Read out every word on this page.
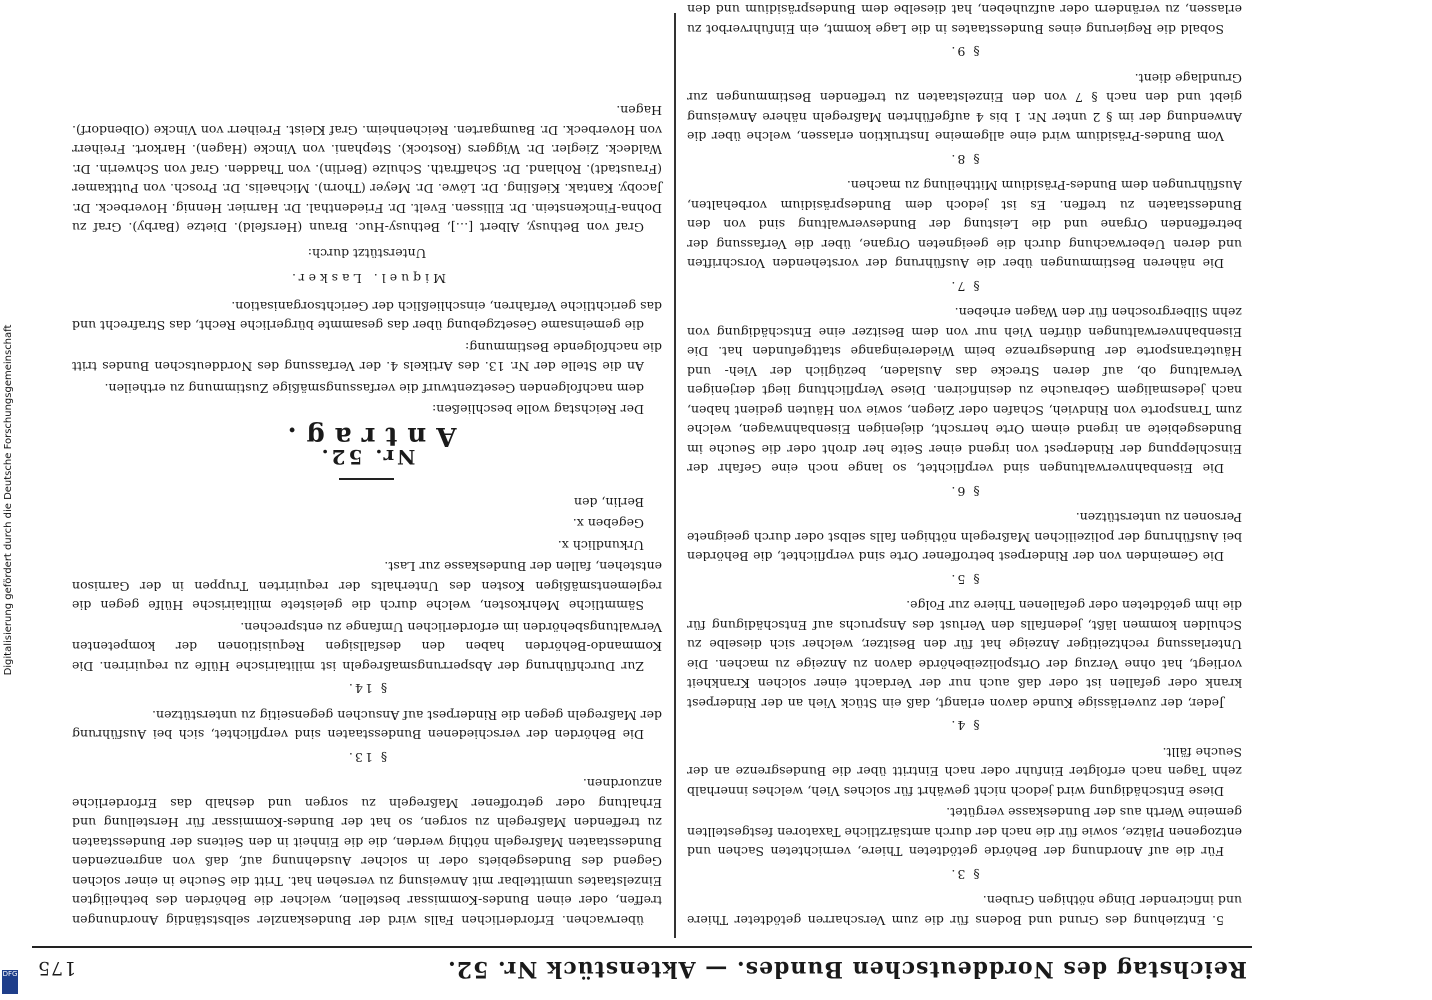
Reichstag des Norddeutschen Bundes. — Aktenstück Nr. 52.
175

5. Entziehung des Grund und Bodens für die zum Verscharren getödteter Thiere und inficirender Dinge nöthigen Gruben.

§ 3.

Für die auf Anordnung der Behörde getödteten Thiere, vernichteten Sachen und entzogenen Plätze, sowie für die nach der durch amtsärztliche Taxatoren festgestellten gemeine Werth aus der Bundeskasse vergütet.

Diese Entschädigung wird jedoch nicht gewährt für solches Vieh, welches innerhalb zehn Tagen nach erfolgter Einfuhr oder nach Eintritt über die Bundesgrenze an der Seuche fällt.

§ 4.

Jeder, der zuverlässige Kunde davon erlangt, daß ein Stück Vieh an der Rinderpest krank oder gefallen ist oder daß auch nur der Verdacht einer solchen Krankheit vorliegt, hat ohne Verzug der Ortspolizeibehörde davon zu Anzeige zu machen. Die Unterlassung rechtzeitiger Anzeige hat für den Besitzer, welcher sich dieselbe zu Schulden kommen läßt, jedenfalls den Verlust des Anspruchs auf Entschädigung für die ihm getödteten oder gefallenen Thiere zur Folge.

§ 5.

Die Gemeinden von der Rinderpest betroffener Orte sind verpflichtet, die Behörden bei Ausführung der polizeilichen Maßregeln nöthigen falls selbst oder durch geeignete Personen zu unterstützen.

§ 6.

Die Eisenbahnverwaltungen sind verpflichtet, so lange noch eine Gefahr der Einschleppung der Rinderpest von irgend einer Seite her droht oder die Seuche im Bundesgebiete an irgend einem Orte herrscht, diejenigen Eisenbahnwagen, welche zum Transporte von Rindvieh, Schafen oder Ziegen, sowie von Häuten gedient haben, nach jedesmaligem Gebrauche zu desinficiren. Diese Verpflichtung liegt derjenigen Verwaltung ob, auf deren Strecke das Ausladen, bezüglich der Vieh- und Häutetransporte der Bundesgrenze beim Wiedereingange stattgefunden hat. Die Eisenbahnverwaltungen dürfen Vieh nur von dem Besitzer eine Entschädigung von zehn Silbergroschen für den Wagen erheben.

§ 7.

Die näheren Bestimmungen über die Ausführung der vorstehenden Vorschriften und deren Ueberwachung durch die geeigneten Organe, über die Verfassung der betreffenden Organe und die Leistung der Bundesverwaltung sind von den Bundesstaaten zu treffen. Es ist jedoch dem Bundespräsidium vorbehalten, Ausführungen dem Bundes-Präsidium Mittheilung zu machen.

§ 8.

Vom Bundes-Präsidium wird eine allgemeine Instruktion erlassen, welche über die Anwendung der im § 2 unter Nr. 1 bis 4 aufgeführten Maßregeln nähere Anweisung giebt und den nach § 7 von den Einzelstaaten zu treffenden Bestimmungen zur Grundlage dient.

§ 9.

Sobald die Regierung eines Bundesstaates in die Lage kommt, ein Einfuhrverbot zu erlassen, zu verändern oder aufzuheben, hat dieselbe dem Bundespräsidium und den

überwachen. Erforderlichen Falls wird der Bundeskanzler selbstständig Anordnungen treffen, oder einen Bundes-Kommissar bestellen, welcher die Behörden des betheiligten Einzelstaates unmittelbar mit Anweisung zu versehen hat. Tritt die Seuche in einer solchen Gegend des Bundesgebiets oder in solcher Ausdehnung auf, daß von angrenzenden Bundesstaaten Maßregeln nöthig werden, die die Einheit in den Seitens der Bundesstaaten zu treffenden Maßregeln zu sorgen, so hat der Bundes-Kommissar für Herstellung und Erhaltung oder getroffener Maßregeln zu sorgen und deshalb das Erforderliche anzuordnen.

§ 13.

Die Behörden der verschiedenen Bundesstaaten sind verpflichtet, sich bei Ausführung der Maßregeln gegen die Rinderpest auf Ansuchen gegenseitig zu unterstützen.

§ 14.

Zur Durchführung der Absperrungsmaßregeln ist militairische Hülfe zu requiriren. Die Kommando-Behörden haben den desfallsigen Requisitionen der kompetenten Verwaltungsbehörden im erforderlichen Umfange zu entsprechen.

Sämmtliche Mehrkosten, welche durch die geleistete militairische Hülfe gegen die reglementsmäßigen Kosten des Unterhalts der requirirten Truppen in der Garnison entstehen, fallen der Bundeskasse zur Last.

Urkundlich x.

Gegeben x.

Berlin, den

Nr. 52.

Antrag.

Der Reichstag wolle beschließen:

dem nachfolgenden Gesetzentwurf die verfassungsmäßige Zustimmung zu ertheilen.

An die Stelle der Nr. 13. des Artikels 4. der Verfassung des Norddeutschen Bundes tritt die nachfolgende Bestimmung:

die gemeinsame Gesetzgebung über das gesammte bürgerliche Recht, das Strafrecht und das gerichtliche Verfahren, einschließlich der Gerichtsorganisation.

Miquel. Lasker.

Unterstützt durch:

Graf von Bethusy, Albert […], Bethusy-Huc. Braun (Hersfeld). Dietze (Barby). Graf zu Dohna-Finckenstein. Dr. Ellissen. Evelt. Dr. Friedenthal. Dr. Harnier. Hennig. Hoverbeck. Dr. Jacoby. Kantak. Kießling. Dr. Löwe. Dr. Meyer (Thorn). Michaelis. Dr. Prosch. von Puttkamer (Fraustadt). Rohland. Dr. Schaffrath. Schulze (Berlin). von Thadden. Graf von Schwerin. Dr. Waldeck. Ziegler. Dr. Wiggers (Rostock). Stephani. von Vincke (Hagen). Harkort. Freiherr von Hoverbeck. Dr. Baumgarten. Reichenheim. Graf Kleist. Freiherr von Vincke (Olbendorf). Hagen.

Digitalisierung gefördert durch die Deutsche Forschungsgemeinschaft
DFG
